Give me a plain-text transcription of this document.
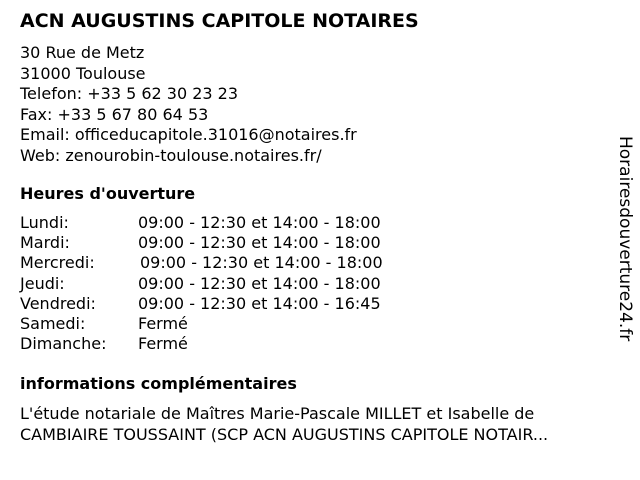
ACN AUGUSTINS CAPITOLE NOTAIRES
30 Rue de Metz
31000 Toulouse
Telefon: +33 5 62 30 23 23
Fax: +33 5 67 80 64 53
Email: officeducapitole.31016@notaires.fr
Web: zenourobin-toulouse.notaires.fr/
Heures d'ouverture
Lundi:	09:00 - 12:30 et 14:00 - 18:00
Mardi:	09:00 - 12:30 et 14:00 - 18:00
Mercredi:	09:00 - 12:30 et 14:00 - 18:00
Jeudi:	09:00 - 12:30 et 14:00 - 18:00
Vendredi:	09:00 - 12:30 et 14:00 - 16:45
Samedi:	Fermé
Dimanche: Fermé
informations complémentaires
L'étude notariale de Maîtres Marie-Pascale MILLET et Isabelle de
CAMBIAIRE TOUSSAINT (SCP ACN AUGUSTINS CAPITOLE NOTAIR...
Horairesdouverture24.fr
